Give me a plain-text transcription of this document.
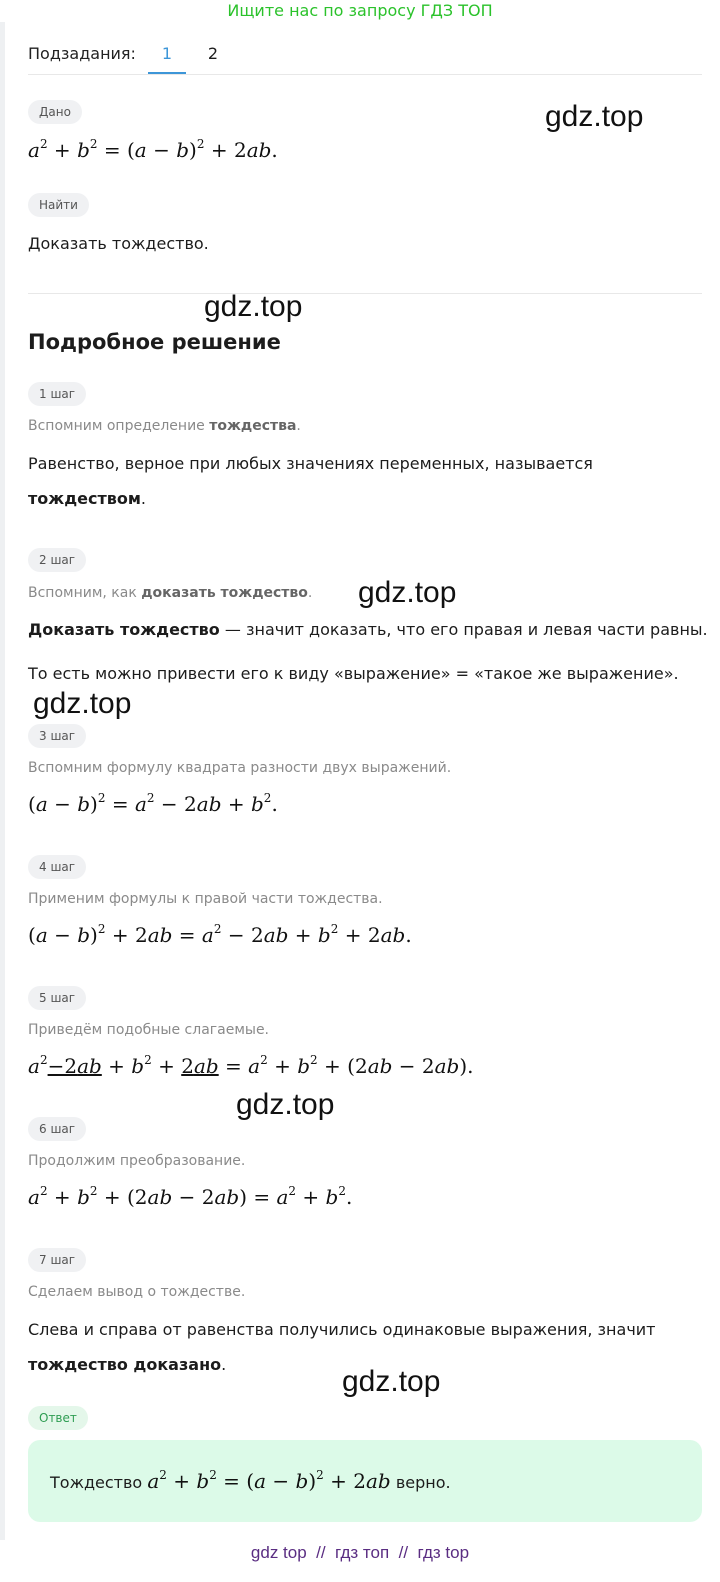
Ищите нас по запросу ГДЗ ТОП
Подзадания:	1	2
Дано
$a^2 + b^2 = (a - b)^2 + 2ab$.
Найти
Доказать тождество.
gdz.top
gdz.top
gdz.top
gdz.top
gdz.top
gdz.top
Подробное решение
1 шаг
Вспомним определение тождества.
Равенство, верное при любых значениях переменных, называется
тождеством.
2 шаг
Вспомним, как доказать тождество.
Доказать тождество — значит доказать, что его правая и левая части равны.
То есть можно привести его к виду «выражение» = «такое же выражение».
3 шаг
Вспомним формулу квадрата разности двух выражений.
$(a - b)^2 = a^2 - 2ab + b^2$.
4 шаг
Применим формулы к правой части тождества.
$(a - b)^2 + 2ab = a^2 - 2ab + b^2 + 2ab$.
5 шаг
Приведём подобные слагаемые.
$a^2-2ab + b^2 + 2ab = a^2 + b^2 + (2ab - 2ab)$.
6 шаг
Продолжим преобразование.
$a^2 + b^2 + (2ab - 2ab) = a^2 + b^2$.
7 шаг
Сделаем вывод о тождестве.
Слева и справа от равенства получились одинаковые выражения, значит
тождество доказано.
Ответ
Тождество $a^2 + b^2 = (a - b)^2 + 2ab$ верно.
gdz top // гдз топ // гдз top
